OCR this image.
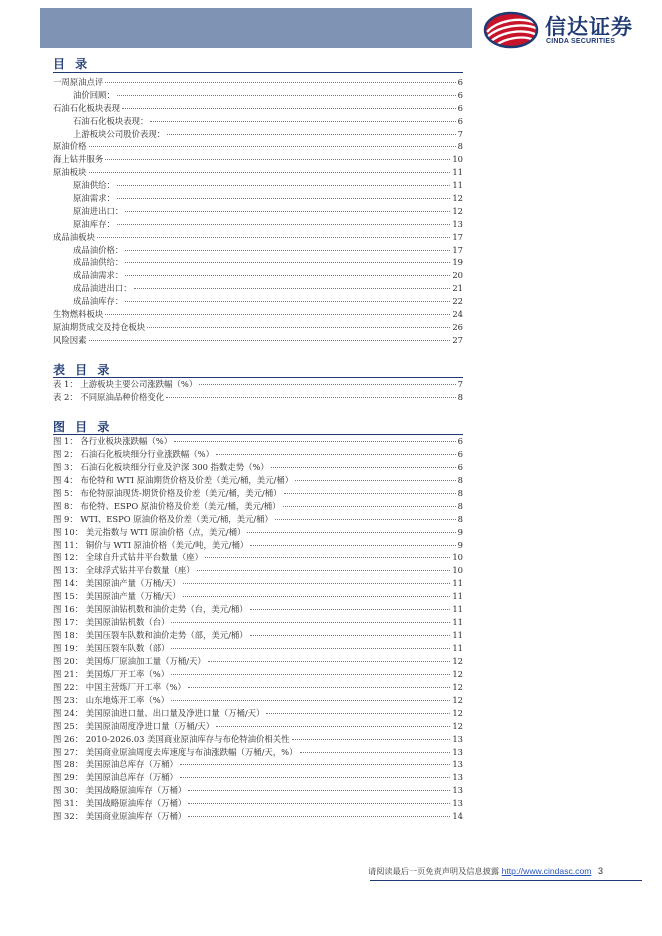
信达证券
CINDA SECURITIES
目 录
一周原油点评	6
油价回顾：	6
石油石化板块表现	6
石油石化板块表现：	6
上游板块公司股价表现：	7
原油价格	8
海上钻井服务	10
原油板块	11
原油供给：	11
原油需求：	12
原油进出口：	12
原油库存：	13
成品油板块	17
成品油价格：	17
成品油供给：	19
成品油需求：	20
成品油进出口：	21
成品油库存：	22
生物燃料板块	24
原油期货成交及持仓板块	26
风险因素	27
表 目 录
表 1： 上游板块主要公司涨跌幅（%）	7
表 2： 不同原油品种价格变化	8
图 目 录
图 1： 各行业板块涨跌幅（%）	6
图 2： 石油石化板块细分行业涨跌幅（%）	6
图 3： 石油石化板块细分行业及沪深 300 指数走势（%）	6
图 4： 布伦特和 WTI 原油期货价格及价差（美元/桶，美元/桶）	8
图 5： 布伦特原油现货-期货价格及价差（美元/桶，美元/桶）	8
图 8： 布伦特、ESPO 原油价格及价差（美元/桶，美元/桶）	8
图 9： WTI、ESPO 原油价格及价差（美元/桶，美元/桶）	8
图 10： 美元指数与 WTI 原油价格（点，美元/桶）	9
图 11： 铜价与 WTI 原油价格（美元/吨，美元/桶）	9
图 12： 全球自升式钻井平台数量（座）	10
图 13： 全球浮式钻井平台数量（座）	10
图 14： 美国原油产量（万桶/天）	11
图 15： 美国原油产量（万桶/天）	11
图 16： 美国原油钻机数和油价走势（台，美元/桶）	11
图 17： 美国原油钻机数（台）	11
图 18： 美国压裂车队数和油价走势（部，美元/桶）	11
图 19： 美国压裂车队数（部）	11
图 20： 美国炼厂原油加工量（万桶/天）	12
图 21： 美国炼厂开工率（%）	12
图 22： 中国主营炼厂开工率（%）	12
图 23： 山东地炼开工率（%）	12
图 24： 美国原油进口量、出口量及净进口量（万桶/天）	12
图 25： 美国原油周度净进口量（万桶/天）	12
图 26： 2010-2026.03 美国商业原油库存与布伦特油价相关性	13
图 27： 美国商业原油周度去库速度与布油涨跌幅（万桶/天，%）	13
图 28： 美国原油总库存（万桶）	13
图 29： 美国原油总库存（万桶）	13
图 30： 美国战略原油库存（万桶）	13
图 31： 美国战略原油库存（万桶）	13
图 32： 美国商业原油库存（万桶）	14
请阅读最后一页免责声明及信息披露 http://www.cindasc.com 3
